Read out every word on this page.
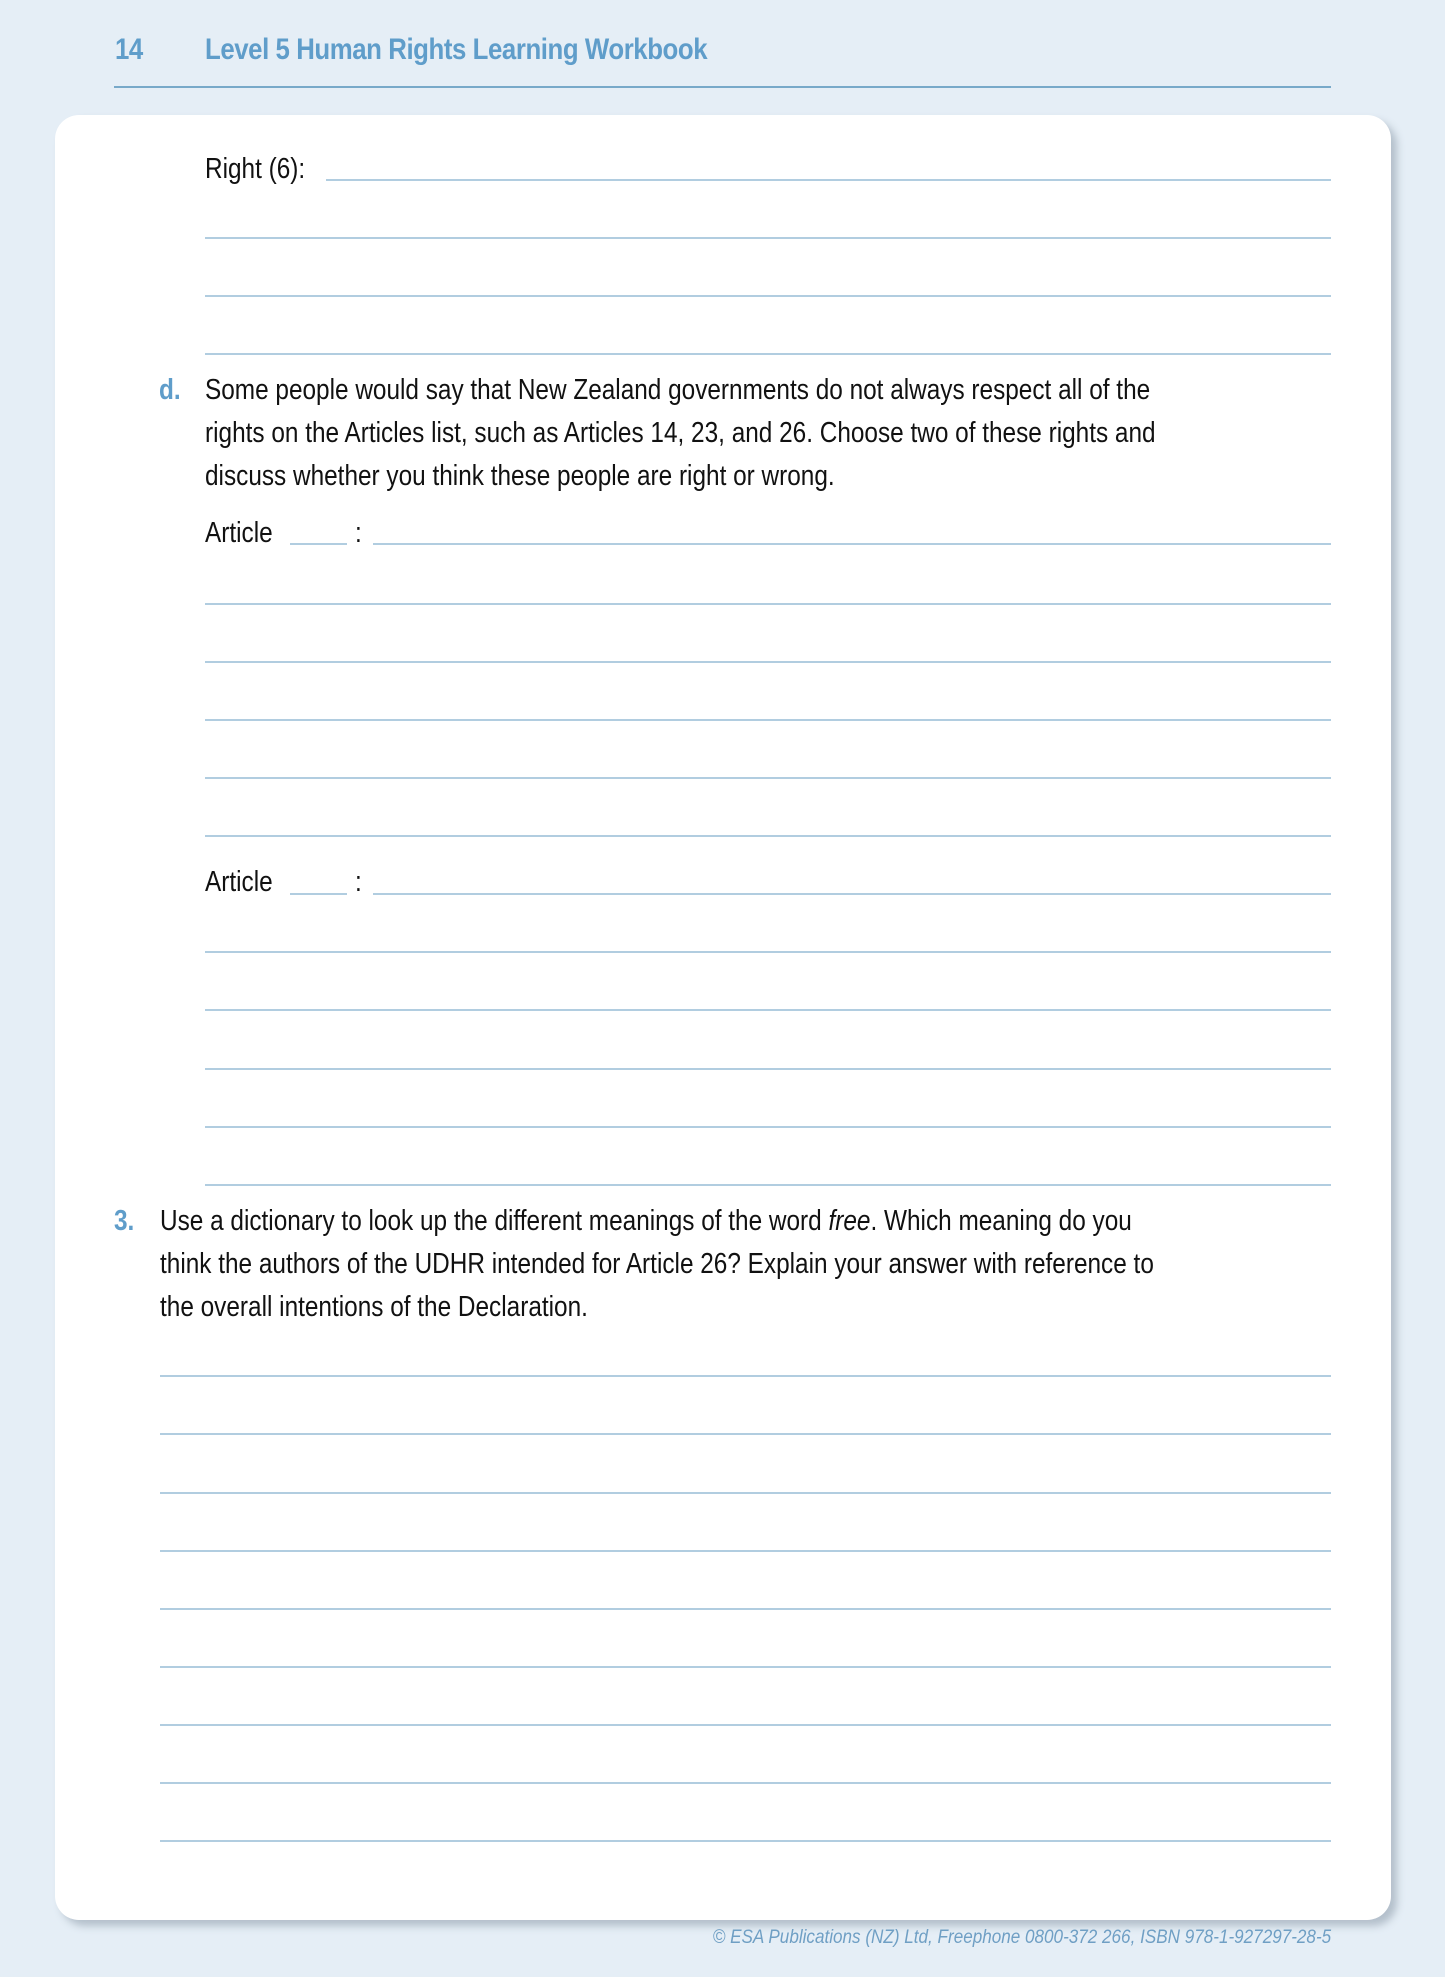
14 Level 5 Human Rights Learning Workbook
Right (6):
d. Some people would say that New Zealand governments do not always respect all of the
rights on the Articles list, such as Articles 14, 23, and 26. Choose two of these rights and
discuss whether you think these people are right or wrong.
Article	:
Article	:
3. Use a dictionary to look up the different meanings of the word free. Which meaning do you
think the authors of the UDHR intended for Article 26? Explain your answer with reference to
the overall intentions of the Declaration.
© ESA Publications (NZ) Ltd, Freephone 0800-372 266, ISBN 978-1-927297-28-5
